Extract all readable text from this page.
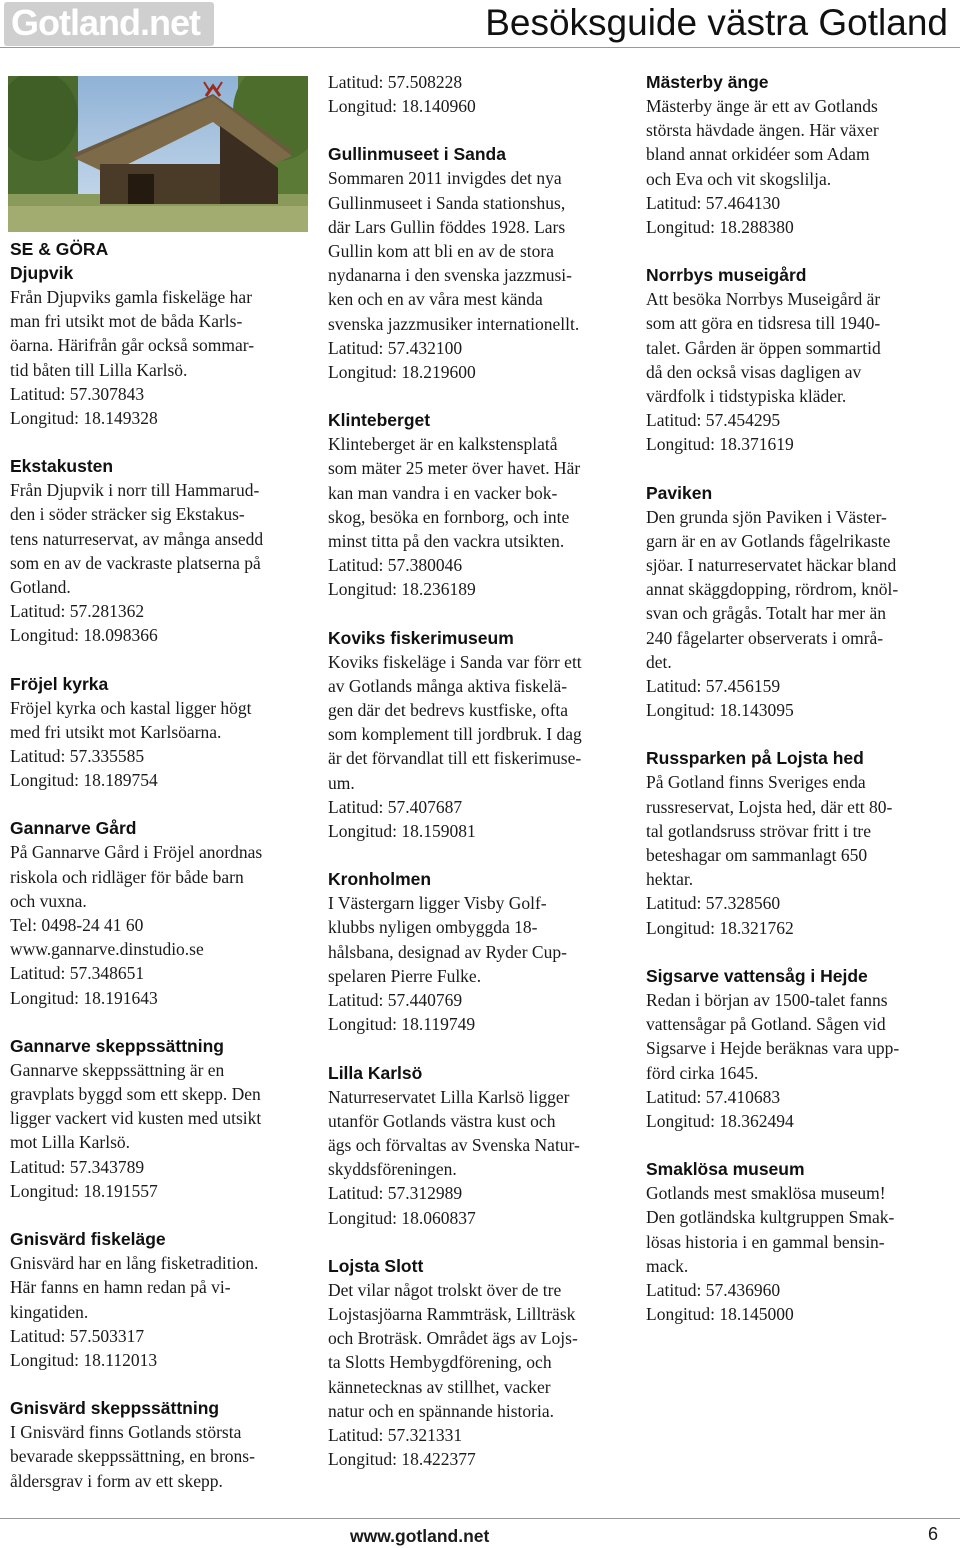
Gotland.net	Besöksguide västra Gotland
SE & GÖRA
Djupvik
Från Djupviks gamla fiskeläge har
man fri utsikt mot de båda Karls-
öarna. Härifrån går också sommar-
tid båten till Lilla Karlsö.
Latitud: 57.307843
Longitud: 18.149328
Ekstakusten
Från Djupvik i norr till Hammarud-
den i söder sträcker sig Ekstakus-
tens naturreservat, av många ansedd
som en av de vackraste platserna på
Gotland.
Latitud: 57.281362
Longitud: 18.098366
Fröjel kyrka
Fröjel kyrka och kastal ligger högt
med fri utsikt mot Karlsöarna.
Latitud: 57.335585
Longitud: 18.189754
Gannarve Gård
På Gannarve Gård i Fröjel anordnas
riskola och ridläger för både barn
och vuxna.
Tel: 0498-24 41 60
www.gannarve.dinstudio.se
Latitud: 57.348651
Longitud: 18.191643
Gannarve skeppssättning
Gannarve skeppssättning är en
gravplats byggd som ett skepp. Den
ligger vackert vid kusten med utsikt
mot Lilla Karlsö.
Latitud: 57.343789
Longitud: 18.191557
Gnisvärd fiskeläge
Gnisvärd har en lång fisketradition.
Här fanns en hamn redan på vi-
kingatiden.
Latitud: 57.503317
Longitud: 18.112013
Gnisvärd skeppssättning
I Gnisvärd finns Gotlands största
bevarade skeppssättning, en brons-
åldersgrav i form av ett skepp.
Latitud: 57.508228
Longitud: 18.140960
Gullinmuseet i Sanda
Sommaren 2011 invigdes det nya
Gullinmuseet i Sanda stationshus,
där Lars Gullin föddes 1928. Lars
Gullin kom att bli en av de stora
nydanarna i den svenska jazzmusi-
ken och en av våra mest kända
svenska jazzmusiker internationellt.
Latitud: 57.432100
Longitud: 18.219600
Klinteberget
Klinteberget är en kalkstensplatå
som mäter 25 meter över havet. Här
kan man vandra i en vacker bok-
skog, besöka en fornborg, och inte
minst titta på den vackra utsikten.
Latitud: 57.380046
Longitud: 18.236189
Koviks fiskerimuseum
Koviks fiskeläge i Sanda var förr ett
av Gotlands många aktiva fiskelä-
gen där det bedrevs kustfiske, ofta
som komplement till jordbruk. I dag
är det förvandlat till ett fiskerimuse-
um.
Latitud: 57.407687
Longitud: 18.159081
Kronholmen
I Västergarn ligger Visby Golf-
klubbs nyligen ombyggda 18-
hålsbana, designad av Ryder Cup-
spelaren Pierre Fulke.
Latitud: 57.440769
Longitud: 18.119749
Lilla Karlsö
Naturreservatet Lilla Karlsö ligger
utanför Gotlands västra kust och
ägs och förvaltas av Svenska Natur-
skyddsföreningen.
Latitud: 57.312989
Longitud: 18.060837
Lojsta Slott
Det vilar något trolskt över de tre
Lojstasjöarna Rammträsk, Lillträsk
och Broträsk. Området ägs av Lojs-
ta Slotts Hembygdförening, och
kännetecknas av stillhet, vacker
natur och en spännande historia.
Latitud: 57.321331
Longitud: 18.422377
Mästerby änge
Mästerby änge är ett av Gotlands
största hävdade ängen. Här växer
bland annat orkidéer som Adam
och Eva och vit skogslilja.
Latitud: 57.464130
Longitud: 18.288380
Norrbys museigård
Att besöka Norrbys Museigård är
som att göra en tidsresa till 1940-
talet. Gården är öppen sommartid
då den också visas dagligen av
värdfolk i tidstypiska kläder.
Latitud: 57.454295
Longitud: 18.371619
Paviken
Den grunda sjön Paviken i Väster-
garn är en av Gotlands fågelrikaste
sjöar. I naturreservatet häckar bland
annat skäggdopping, rördrom, knöl-
svan och grågås. Totalt har mer än
240 fågelarter observerats i områ-
det.
Latitud: 57.456159
Longitud: 18.143095
Russparken på Lojsta hed
På Gotland finns Sveriges enda
russreservat, Lojsta hed, där ett 80-
tal gotlandsruss strövar fritt i tre
beteshagar om sammanlagt 650
hektar.
Latitud: 57.328560
Longitud: 18.321762
Sigsarve vattensåg i Hejde
Redan i början av 1500-talet fanns
vattensågar på Gotland. Sågen vid
Sigsarve i Hejde beräknas vara upp-
förd cirka 1645.
Latitud: 57.410683
Longitud: 18.362494
Smaklösa museum
Gotlands mest smaklösa museum!
Den gotländska kultgruppen Smak-
lösas historia i en gammal bensin-
mack.
Latitud: 57.436960
Longitud: 18.145000
www.gotland.net	6
